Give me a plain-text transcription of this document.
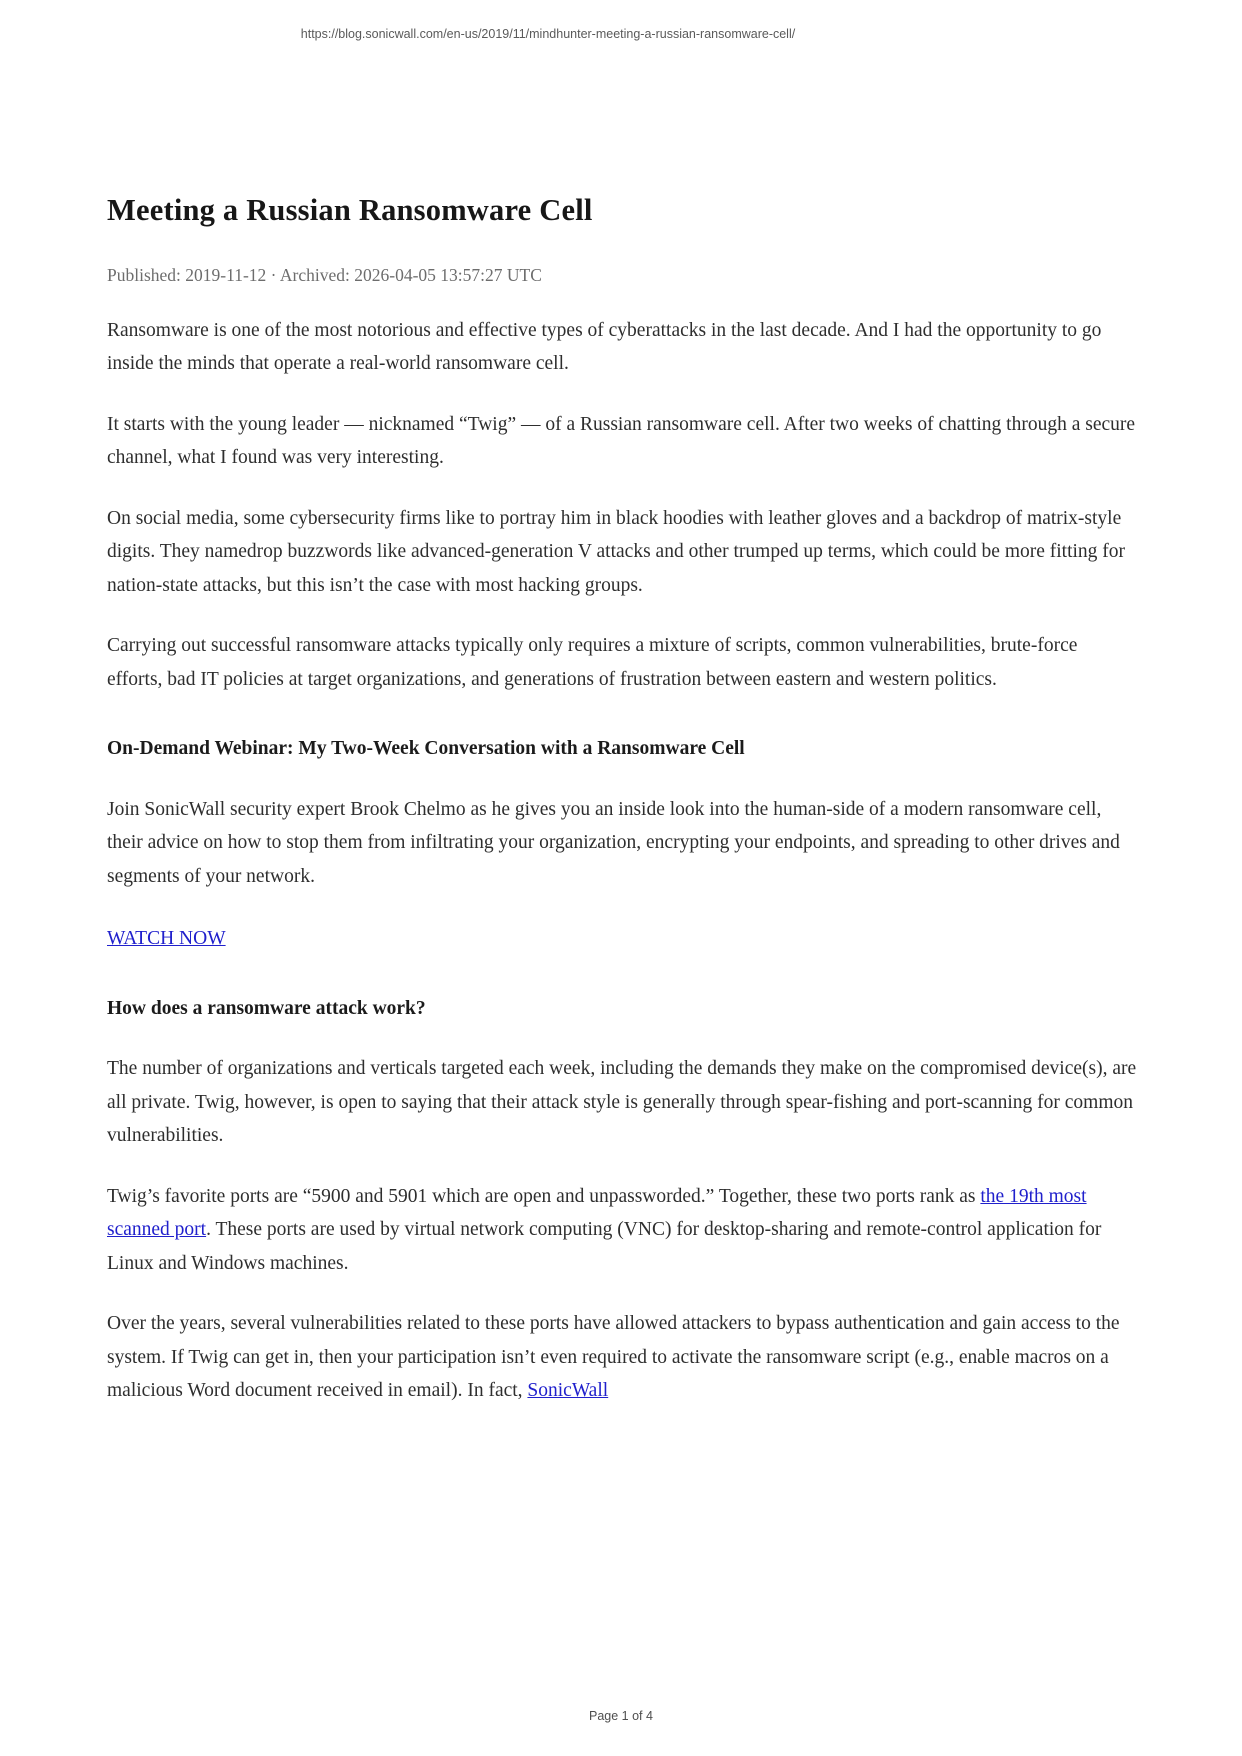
https://blog.sonicwall.com/en-us/2019/11/mindhunter-meeting-a-russian-ransomware-cell/
Meeting a Russian Ransomware Cell
Published: 2019-11-12 · Archived: 2026-04-05 13:57:27 UTC

Ransomware is one of the most notorious and effective types of cyberattacks in the last decade. And I had the opportunity to go inside the minds that operate a real-world ransomware cell.

It starts with the young leader — nicknamed “Twig” — of a Russian ransomware cell. After two weeks of chatting through a secure channel, what I found was very interesting.

On social media, some cybersecurity firms like to portray him in black hoodies with leather gloves and a backdrop of matrix-style digits. They namedrop buzzwords like advanced-generation V attacks and other trumped up terms, which could be more fitting for nation-state attacks, but this isn’t the case with most hacking groups.

Carrying out successful ransomware attacks typically only requires a mixture of scripts, common vulnerabilities, brute-force efforts, bad IT policies at target organizations, and generations of frustration between eastern and western politics.

On-Demand Webinar: My Two-Week Conversation with a Ransomware Cell

Join SonicWall security expert Brook Chelmo as he gives you an inside look into the human-side of a modern ransomware cell, their advice on how to stop them from infiltrating your organization, encrypting your endpoints, and spreading to other drives and segments of your network.

WATCH NOW

How does a ransomware attack work?

The number of organizations and verticals targeted each week, including the demands they make on the compromised device(s), are all private. Twig, however, is open to saying that their attack style is generally through spear-fishing and port-scanning for common vulnerabilities.

Twig’s favorite ports are “5900 and 5901 which are open and unpassworded.” Together, these two ports rank as the 19th most scanned port. These ports are used by virtual network computing (VNC) for desktop-sharing and remote-control application for Linux and Windows machines.

Over the years, several vulnerabilities related to these ports have allowed attackers to bypass authentication and gain access to the system. If Twig can get in, then your participation isn’t even required to activate the ransomware script (e.g., enable macros on a malicious Word document received in email). In fact, SonicWall

Page 1 of 4
